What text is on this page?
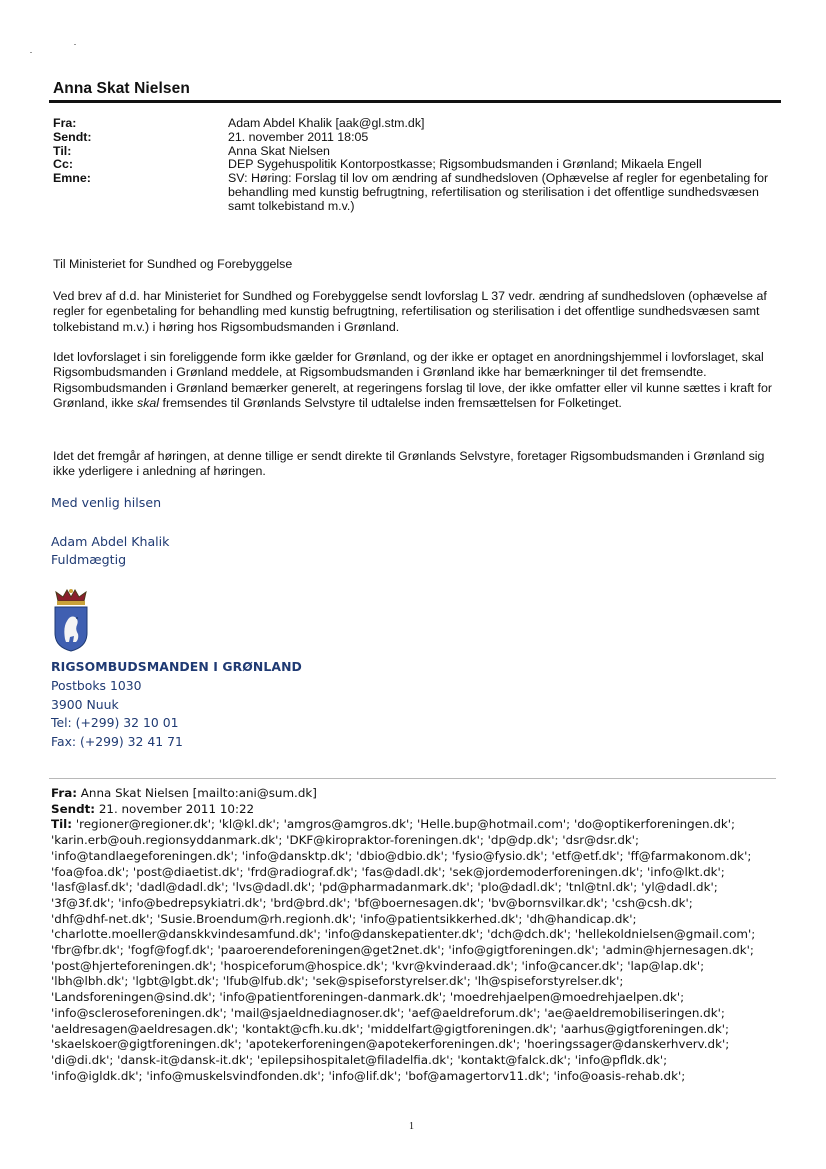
Anna Skat Nielsen
Fra:	Adam Abdel Khalik [aak@gl.stm.dk]
Sendt:	21. november 2011 18:05
Til:	Anna Skat Nielsen
Cc:	DEP Sygehuspolitik Kontorpostkasse; Rigsombudsmanden i Grønland; Mikaela Engell
Emne:	SV: Høring: Forslag til lov om ændring af sundhedsloven (Ophævelse af regler for egenbetaling for behandling med kunstig befrugtning, refertilisation og sterilisation i det offentlige sundhedsvæsen samt tolkebistand m.v.)
Til Ministeriet for Sundhed og Forebyggelse
Ved brev af d.d. har Ministeriet for Sundhed og Forebyggelse sendt lovforslag L 37 vedr. ændring af sundhedsloven (ophævelse af regler for egenbetaling for behandling med kunstig befrugtning, refertilisation og sterilisation i det offentlige sundhedsvæsen samt tolkebistand m.v.) i høring hos Rigsombudsmanden i Grønland.
Idet lovforslaget i sin foreliggende form ikke gælder for Grønland, og der ikke er optaget en anordningshjemmel i lovforslaget, skal Rigsombudsmanden i Grønland meddele, at Rigsombudsmanden i Grønland ikke har bemærkninger til det fremsendte. Rigsombudsmanden i Grønland bemærker generelt, at regeringens forslag til love, der ikke omfatter eller vil kunne sættes i kraft for Grønland, ikke skal fremsendes til Grønlands Selvstyre til udtalelse inden fremsættelsen for Folketinget.
Idet det fremgår af høringen, at denne tillige er sendt direkte til Grønlands Selvstyre, foretager Rigsombudsmanden i Grønland sig ikke yderligere i anledning af høringen.
Med venlig hilsen
Adam Abdel Khalik
Fuldmægtig
RIGSOMBUDSMANDEN I GRØNLAND
Postboks 1030
3900 Nuuk
Tel: (+299) 32 10 01
Fax: (+299) 32 41 71
Fra: Anna Skat Nielsen [mailto:ani@sum.dk]
Sendt: 21. november 2011 10:22
Til: 'regioner@regioner.dk'; 'kl@kl.dk'; 'amgros@amgros.dk'; 'Helle.bup@hotmail.com'; 'do@optikerforeningen.dk';
'karin.erb@ouh.regionsyddanmark.dk'; 'DKF@kiropraktor-foreningen.dk'; 'dp@dp.dk'; 'dsr@dsr.dk';
'info@tandlaegeforeningen.dk'; 'info@dansktp.dk'; 'dbio@dbio.dk'; 'fysio@fysio.dk'; 'etf@etf.dk'; 'ff@farmakonom.dk';
'foa@foa.dk'; 'post@diaetist.dk'; 'frd@radiograf.dk'; 'fas@dadl.dk'; 'sek@jordemoderforeningen.dk'; 'info@lkt.dk';
'lasf@lasf.dk'; 'dadl@dadl.dk'; 'lvs@dadl.dk'; 'pd@pharmadanmark.dk'; 'plo@dadl.dk'; 'tnl@tnl.dk'; 'yl@dadl.dk';
'3f@3f.dk'; 'info@bedrepsykiatri.dk'; 'brd@brd.dk'; 'bf@boernesagen.dk'; 'bv@bornsvilkar.dk'; 'csh@csh.dk';
'dhf@dhf-net.dk'; 'Susie.Broendum@rh.regionh.dk'; 'info@patientsikkerhed.dk'; 'dh@handicap.dk';
'charlotte.moeller@danskkvindesamfund.dk'; 'info@danskepatienter.dk'; 'dch@dch.dk'; 'hellekoldnielsen@gmail.com';
'fbr@fbr.dk'; 'fogf@fogf.dk'; 'paaroerendeforeningen@get2net.dk'; 'info@gigtforeningen.dk'; 'admin@hjernesagen.dk';
'post@hjerteforeningen.dk'; 'hospiceforum@hospice.dk'; 'kvr@kvinderaad.dk'; 'info@cancer.dk'; 'lap@lap.dk';
'lbh@lbh.dk'; 'lgbt@lgbt.dk'; 'lfub@lfub.dk'; 'sek@spiseforstyrelser.dk'; 'lh@spiseforstyrelser.dk';
'Landsforeningen@sind.dk'; 'info@patientforeningen-danmark.dk'; 'moedrehjaelpen@moedrehjaelpen.dk';
'info@scleroseforeningen.dk'; 'mail@sjaeldnediagnoser.dk'; 'aef@aeldreforum.dk'; 'ae@aeldremobiliseringen.dk';
'aeldresagen@aeldresagen.dk'; 'kontakt@cfh.ku.dk'; 'middelfart@gigtforeningen.dk'; 'aarhus@gigtforeningen.dk';
'skaelskoer@gigtforeningen.dk'; 'apotekerforeningen@apotekerforeningen.dk'; 'hoeringssager@danskerhverv.dk';
'di@di.dk'; 'dansk-it@dansk-it.dk'; 'epilepsihospitalet@filadelfia.dk'; 'kontakt@falck.dk'; 'info@pfldk.dk';
'info@igldk.dk'; 'info@muskelsvindfonden.dk'; 'info@lif.dk'; 'bof@amagertorv11.dk'; 'info@oasis-rehab.dk';
1
